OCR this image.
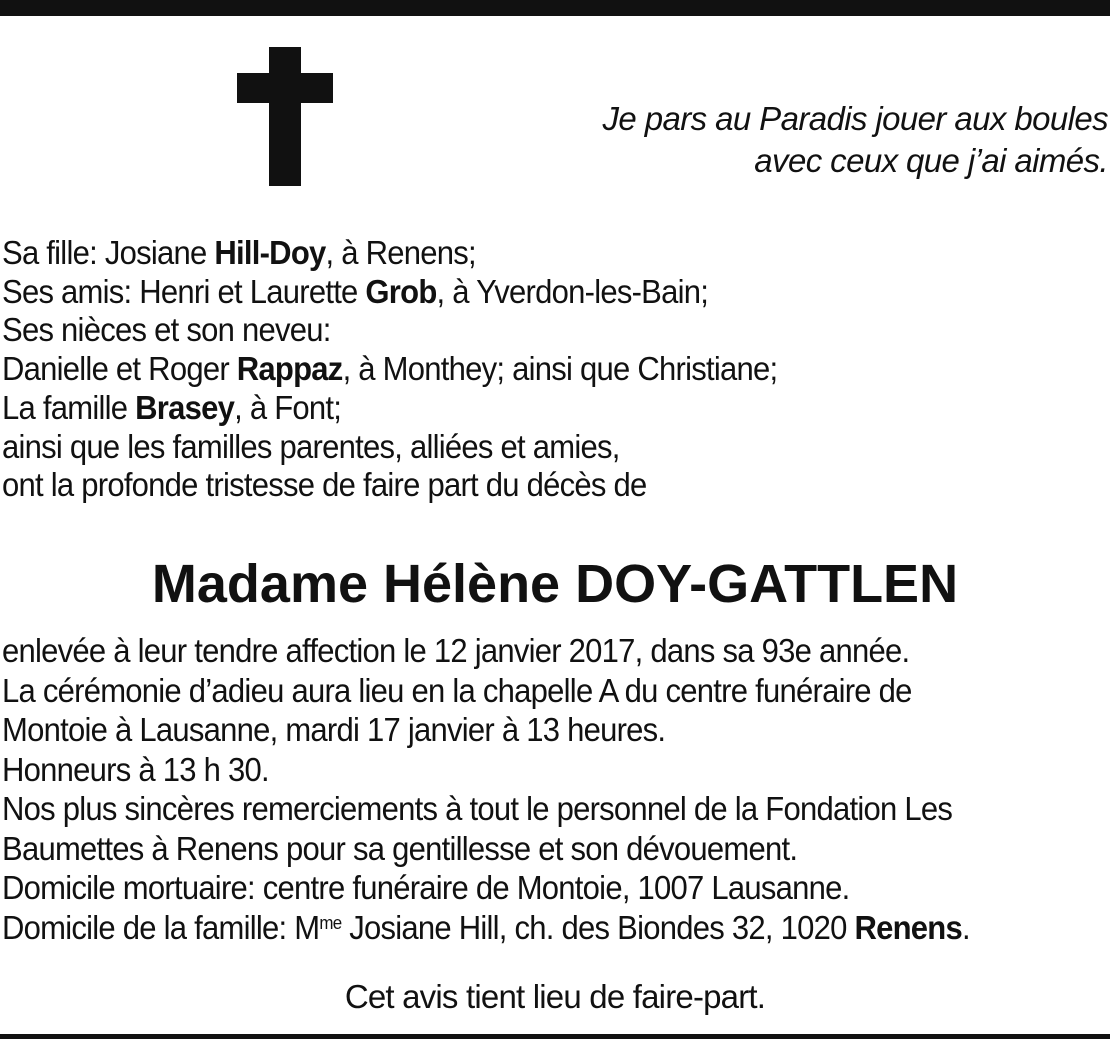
Je pars au Paradis jouer aux boules
avec ceux que j’ai aimés.
Sa fille: Josiane Hill-Doy, à Renens;
Ses amis: Henri et Laurette Grob, à Yverdon-les-Bain;
Ses nièces et son neveu:
Danielle et Roger Rappaz, à Monthey; ainsi que Christiane;
La famille Brasey, à Font;
ainsi que les familles parentes, alliées et amies,
ont la profonde tristesse de faire part du décès de
Madame Hélène DOY-GATTLEN
enlevée à leur tendre affection le 12 janvier 2017, dans sa 93e année.
La cérémonie d’adieu aura lieu en la chapelle A du centre funéraire de
Montoie à Lausanne, mardi 17 janvier à 13 heures.
Honneurs à 13 h 30.
Nos plus sincères remerciements à tout le personnel de la Fondation Les
Baumettes à Renens pour sa gentillesse et son dévouement.
Domicile mortuaire: centre funéraire de Montoie, 1007 Lausanne.
Domicile de la famille: $M^{me}$ Josiane Hill, ch. des Biondes 32, 1020 Renens.
Cet avis tient lieu de faire-part.
